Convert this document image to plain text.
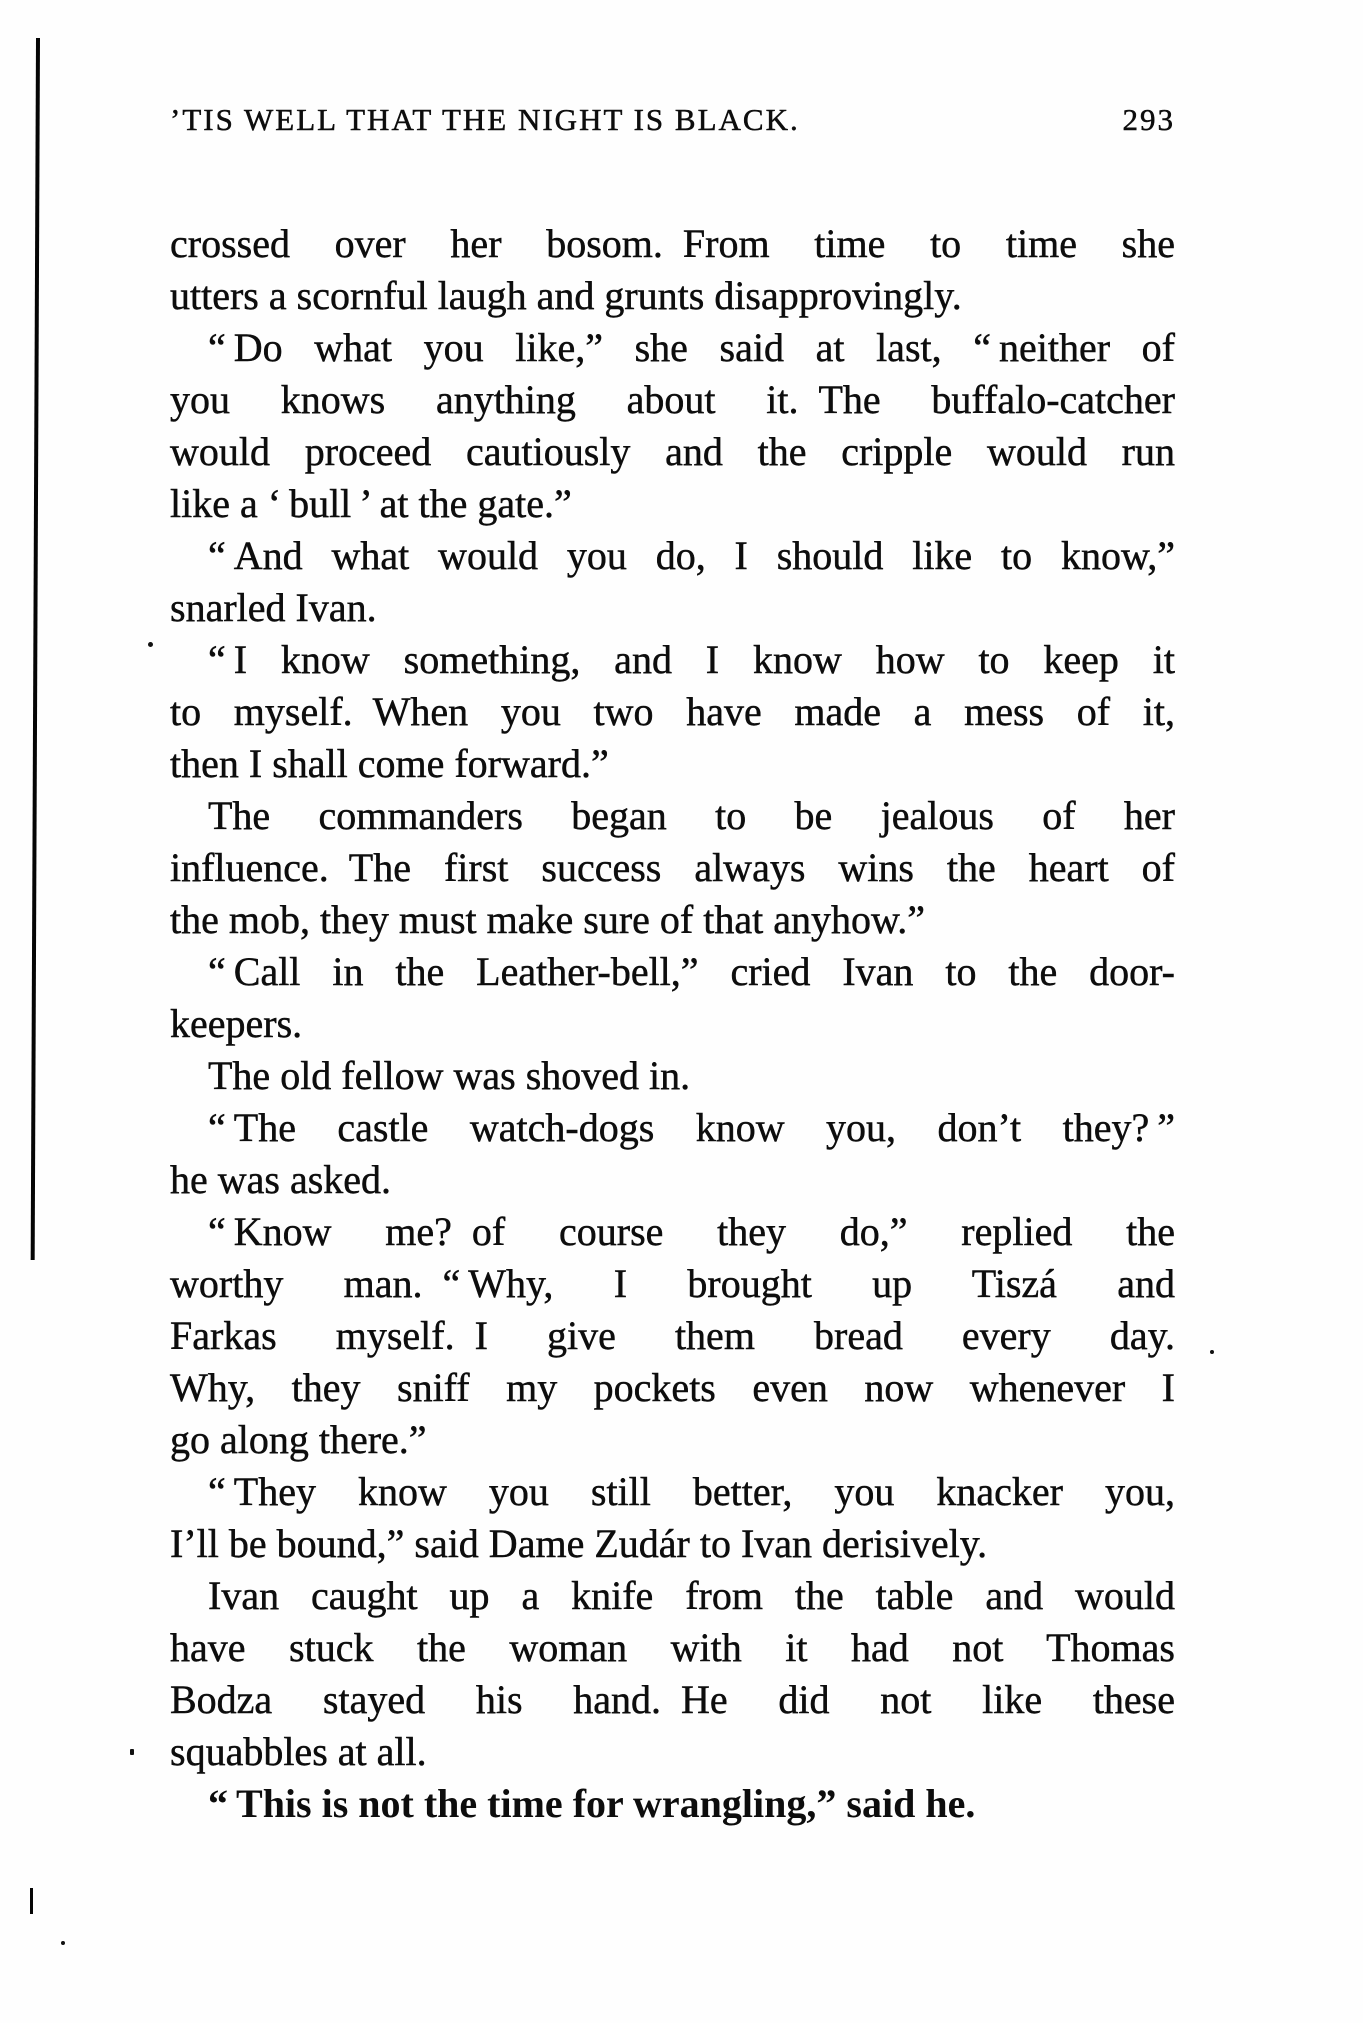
’TIS WELL THAT THE NIGHT IS BLACK.	293
crossed over her bosom. From time to time she
utters a scornful laugh and grunts disapprovingly.
“ Do what you like,” she said at last, “ neither of
you knows anything about it. The buffalo-catcher
would proceed cautiously and the cripple would run
like a ‘ bull ’ at the gate.”
“ And what would you do, I should like to know,”
snarled Ivan.
“ I know something, and I know how to keep it
to myself. When you two have made a mess of it,
then I shall come forward.”
The commanders began to be jealous of her
influence. The first success always wins the heart of
the mob, they must make sure of that anyhow.”
“ Call in the Leather-bell,” cried Ivan to the door-
keepers.
The old fellow was shoved in.
“ The castle watch-dogs know you, don’t they? ”
he was asked.
“ Know me? of course they do,” replied the
worthy man. “ Why, I brought up Tiszá and
Farkas myself. I give them bread every day.
Why, they sniff my pockets even now whenever I
go along there.”
“ They know you still better, you knacker you,
I’ll be bound,” said Dame Zudár to Ivan derisively.
Ivan caught up a knife from the table and would
have stuck the woman with it had not Thomas
Bodza stayed his hand. He did not like these
squabbles at all.
“ This is not the time for wrangling,” said he.
